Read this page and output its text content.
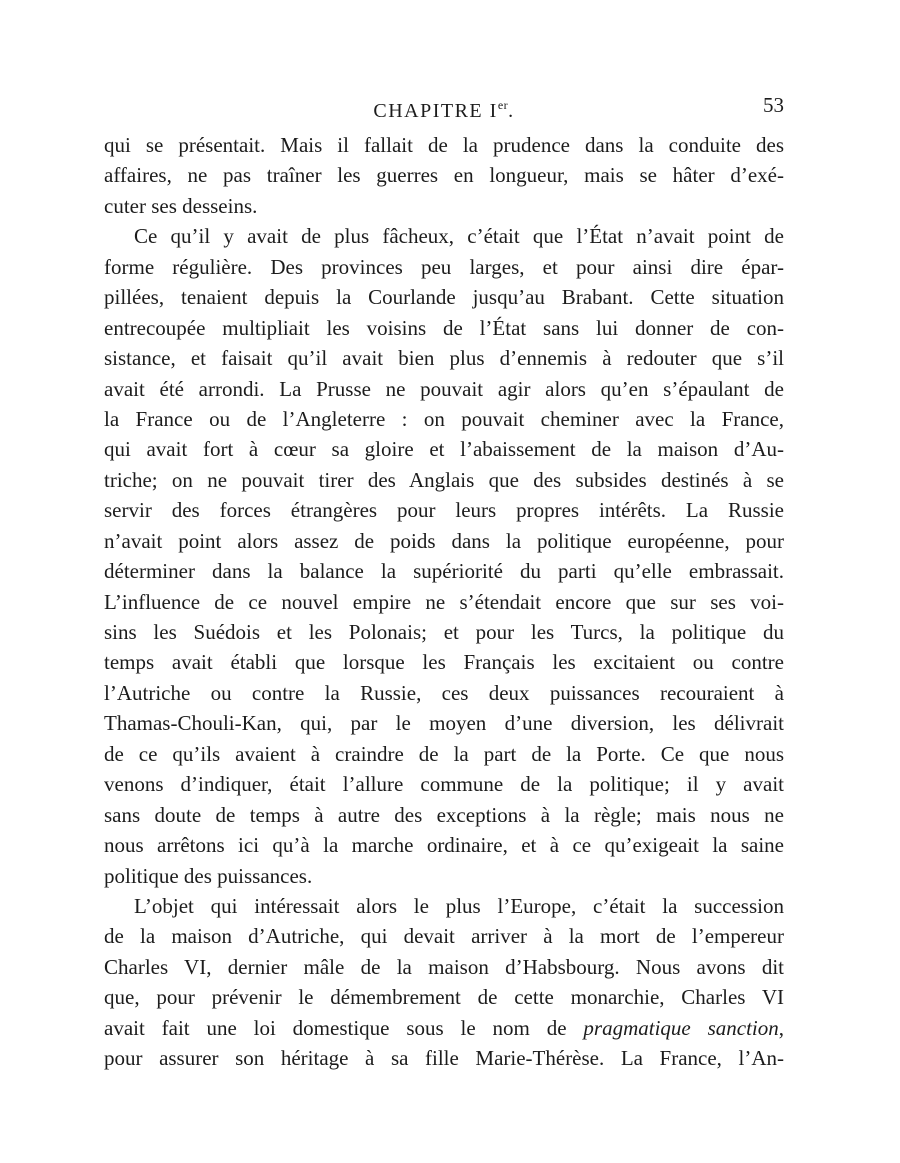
CHAPITRE Ier.	53
qui se présentait. Mais il fallait de la prudence dans la conduite des
affaires, ne pas traîner les guerres en longueur, mais se hâter d’exé-
cuter ses desseins.
Ce qu’il y avait de plus fâcheux, c’était que l’État n’avait point de
forme régulière. Des provinces peu larges, et pour ainsi dire épar-
pillées, tenaient depuis la Courlande jusqu’au Brabant. Cette situation
entrecoupée multipliait les voisins de l’État sans lui donner de con-
sistance, et faisait qu’il avait bien plus d’ennemis à redouter que s’il
avait été arrondi. La Prusse ne pouvait agir alors qu’en s’épaulant de
la France ou de l’Angleterre : on pouvait cheminer avec la France,
qui avait fort à cœur sa gloire et l’abaissement de la maison d’Au-
triche; on ne pouvait tirer des Anglais que des subsides destinés à se
servir des forces étrangères pour leurs propres intérêts. La Russie
n’avait point alors assez de poids dans la politique européenne, pour
déterminer dans la balance la supériorité du parti qu’elle embrassait.
L’influence de ce nouvel empire ne s’étendait encore que sur ses voi-
sins les Suédois et les Polonais; et pour les Turcs, la politique du
temps avait établi que lorsque les Français les excitaient ou contre
l’Autriche ou contre la Russie, ces deux puissances recouraient à
Thamas-Chouli-Kan, qui, par le moyen d’une diversion, les délivrait
de ce qu’ils avaient à craindre de la part de la Porte. Ce que nous
venons d’indiquer, était l’allure commune de la politique; il y avait
sans doute de temps à autre des exceptions à la règle; mais nous ne
nous arrêtons ici qu’à la marche ordinaire, et à ce qu’exigeait la saine
politique des puissances.
L’objet qui intéressait alors le plus l’Europe, c’était la succession
de la maison d’Autriche, qui devait arriver à la mort de l’empereur
Charles VI, dernier mâle de la maison d’Habsbourg. Nous avons dit
que, pour prévenir le démembrement de cette monarchie, Charles VI
avait fait une loi domestique sous le nom de pragmatique sanction,
pour assurer son héritage à sa fille Marie-Thérèse. La France, l’An-
